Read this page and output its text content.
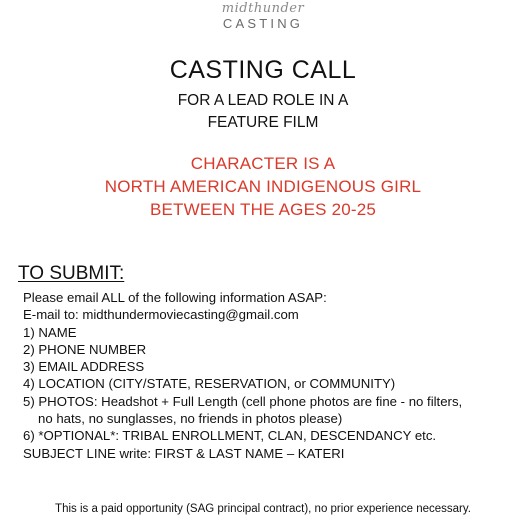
midthunder
CASTING
CASTING CALL
FOR A LEAD ROLE IN A
FEATURE FILM
CHARACTER IS A
NORTH AMERICAN INDIGENOUS GIRL
BETWEEN THE AGES 20-25
TO SUBMIT:
Please email ALL of the following information ASAP:
E-mail to: midthundermoviecasting@gmail.com
1) NAME
2) PHONE NUMBER
3) EMAIL ADDRESS
4) LOCATION (CITY/STATE, RESERVATION, or COMMUNITY)
5) PHOTOS: Headshot + Full Length (cell phone photos are fine - no filters,
no hats, no sunglasses, no friends in photos please)
6) *OPTIONAL*: TRIBAL ENROLLMENT, CLAN, DESCENDANCY etc.
SUBJECT LINE write: FIRST & LAST NAME – KATERI
This is a paid opportunity (SAG principal contract), no prior experience necessary.
